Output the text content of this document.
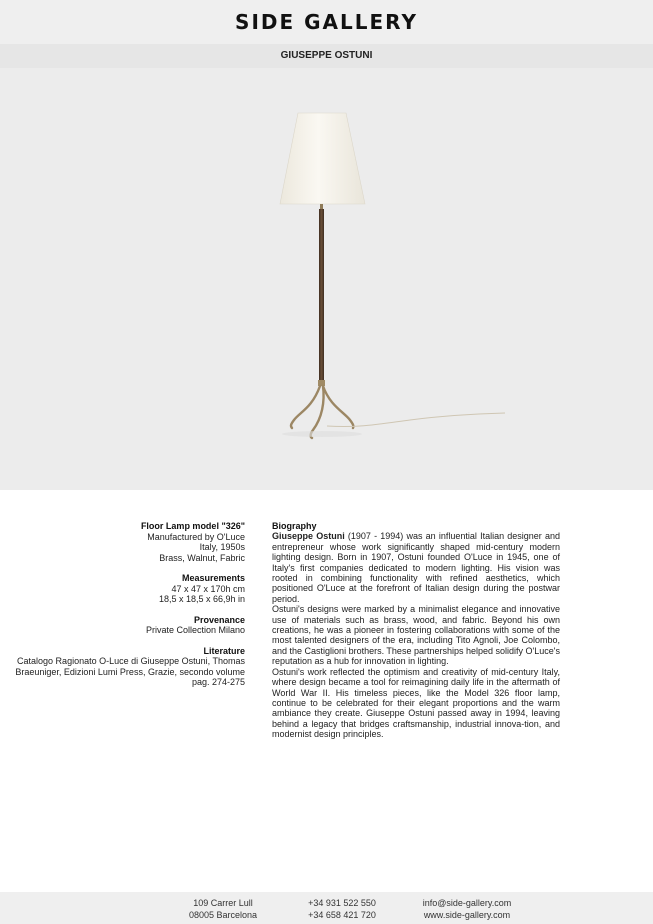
SIDE GALLERY
GIUSEPPE OSTUNI
Floor Lamp model "326"
Manufactured by O'Luce
Italy, 1950s
Brass, Walnut, Fabric
Measurements
47 x 47 x 170h cm
18,5 x 18,5 x 66,9h in
Provenance
Private Collection Milano
Literature
Catalogo Ragionato O-Luce di Giuseppe Ostuni, Thomas
Braeuniger, Edizioni Lumi Press, Grazie, secondo volume
pag. 274-275
Biography

Giuseppe Ostuni (1907 - 1994) was an influential Italian designer and entrepreneur whose work significantly shaped mid-century modern lighting design. Born in 1907, Ostuni founded O'Luce in 1945, one of Italy's first companies dedicated to modern lighting. His vision was rooted in combining functionality with refined aesthetics, which positioned O'Luce at the forefront of Italian design during the postwar period.

Ostuni's designs were marked by a minimalist elegance and innovative use of materials such as brass, wood, and fabric. Beyond his own creations, he was a pioneer in fostering collaborations with some of the most talented designers of the era, including Tito Agnoli, Joe Colombo, and the Castiglioni brothers. These partnerships helped solidify O'Luce's reputation as a hub for innovation in lighting.

Ostuni's work reflected the optimism and creativity of mid-century Italy, where design became a tool for reimagining daily life in the aftermath of World War II. His timeless pieces, like the Model 326 floor lamp, continue to be celebrated for their elegant proportions and the warm ambiance they create. Giuseppe Ostuni passed away in 1994, leaving behind a legacy that bridges craftsmanship, industrial innova-tion, and modernist design principles.

109 Carrer Lull
08005 Barcelona
+34 931 522 550
+34 658 421 720
info@side-gallery.com
www.side-gallery.com
